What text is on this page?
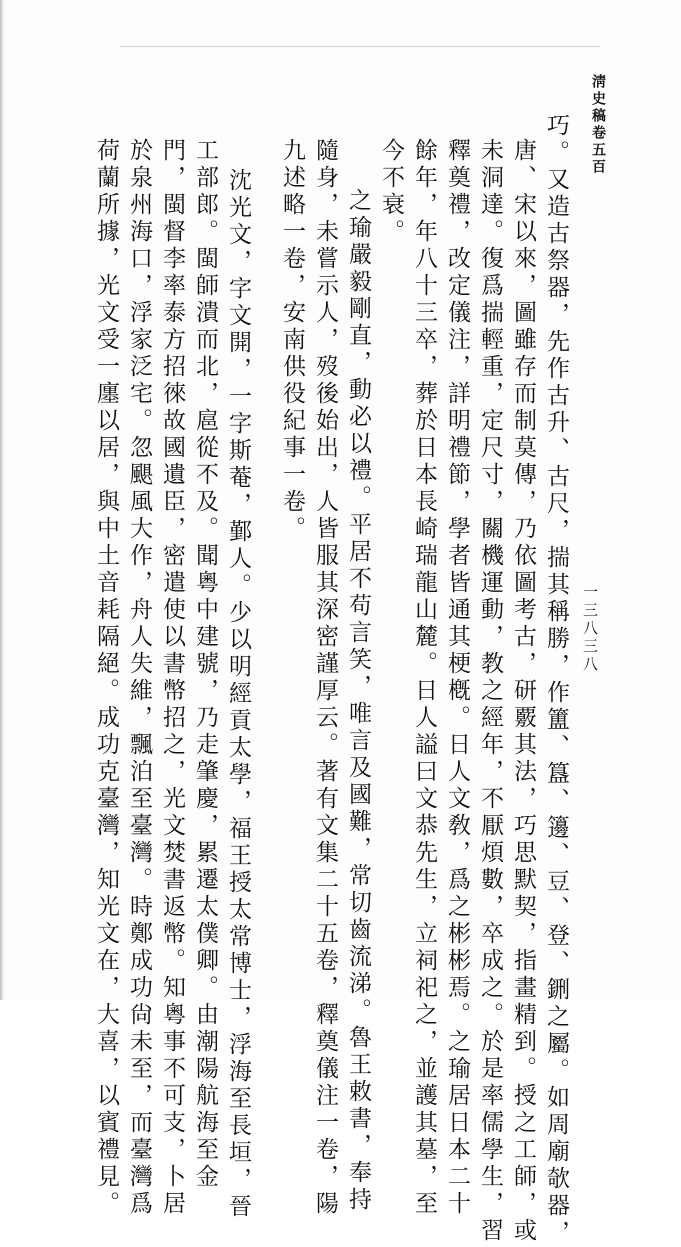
淸史稿卷五百
一三八三八
巧。又造古祭器，先作古升、古尺，揣其稱勝，作簠、簋、籩、豆、登、鉶之屬。如周廟欹器，
唐、宋以來，圖雖存而制莫傳，乃依圖考古，研覈其法，巧思默契，指畫精到。授之工師，或
未洞達。復爲揣輕重，定尺寸，關機運動，教之經年，不厭煩數，卒成之。於是率儒學生，習
釋奠禮，改定儀注，詳明禮節，學者皆通其梗槪。日人文敎，爲之彬彬焉。之瑜居日本二十
餘年，年八十三卒，葬於日本長崎瑞龍山麓。日人謚曰文恭先生，立祠祀之，並護其墓，至
今不衰。
之瑜嚴毅剛直，動必以禮。平居不苟言笑，唯言及國難，常切齒流涕。魯王敕書，奉持
隨身，未嘗示人，歿後始出，人皆服其深密謹厚云。著有文集二十五卷，釋奠儀注一卷，陽
九述略一卷，安南供役紀事一卷。
沈光文，字文開，一字斯菴，鄞人。少以明經貢太學，福王授太常博士，浮海至長垣，晉
工部郎。閩師潰而北，扈從不及。聞粵中建號，乃走肇慶，累遷太僕卿。由潮陽航海至金
門，閩督李率泰方招徠故國遺臣，密遣使以書幣招之，光文焚書返幣。知粵事不可支，卜居
於泉州海口，浮家泛宅。忽颶風大作，舟人失維，飄泊至臺灣。時鄭成功尙未至，而臺灣爲
荷蘭所據，光文受一廛以居，與中土音耗隔絕。成功克臺灣，知光文在，大喜，以賓禮見。
